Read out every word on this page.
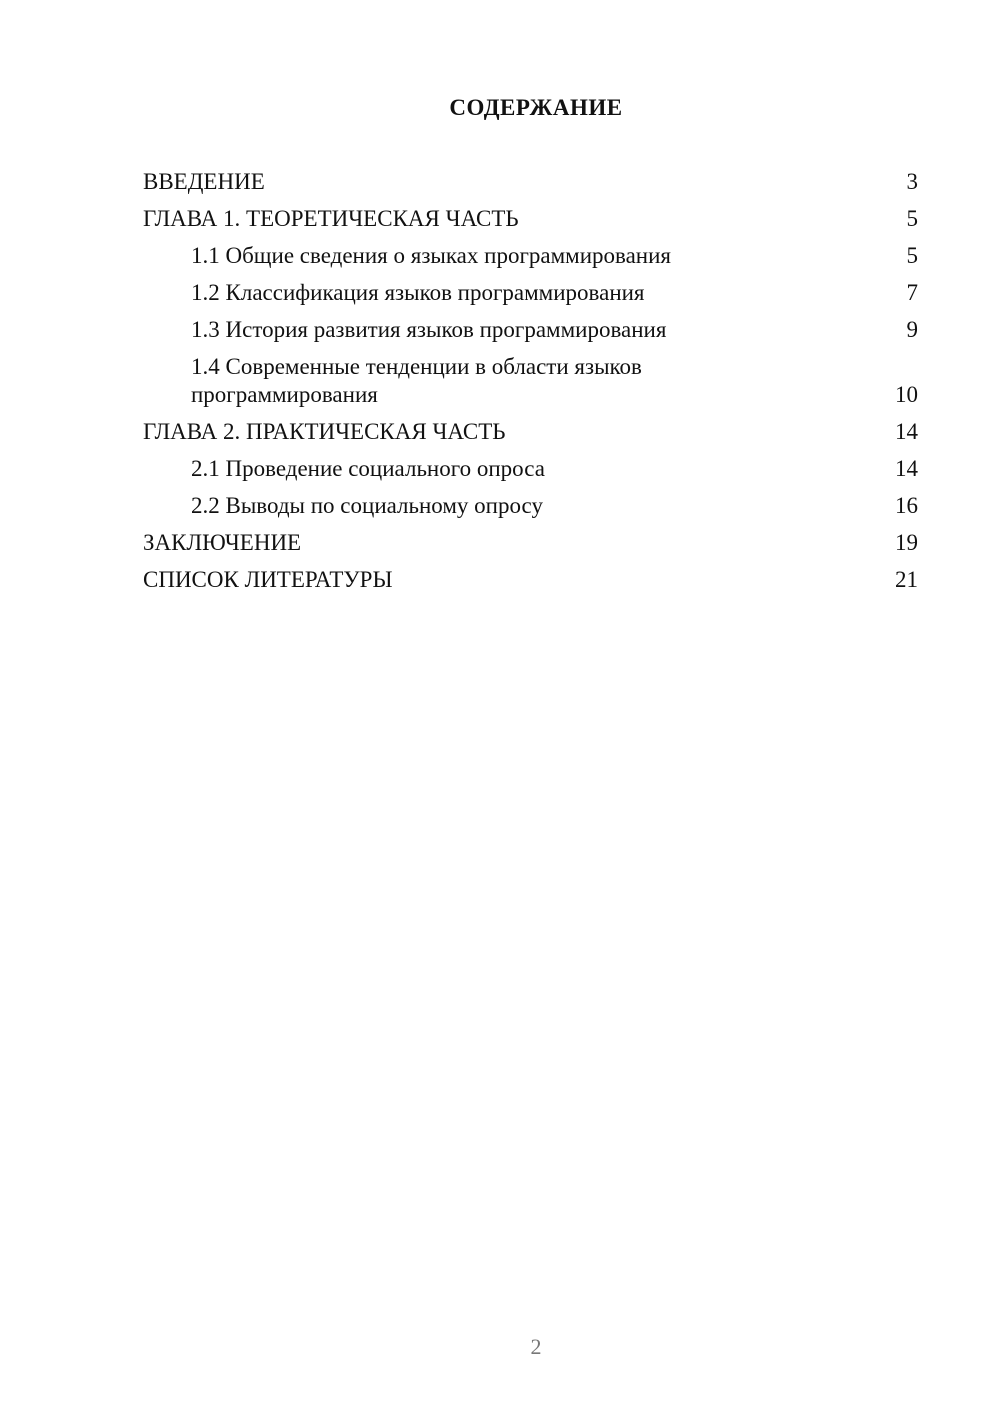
СОДЕРЖАНИЕ
ВВЕДЕНИЕ	3
ГЛАВА 1. ТЕОРЕТИЧЕСКАЯ ЧАСТЬ	5
1.1 Общие сведения о языках программирования	5
1.2 Классификация языков программирования	7
1.3 История развития языков программирования	9
1.4 Современные тенденции в области языков программирования	10
ГЛАВА 2. ПРАКТИЧЕСКАЯ ЧАСТЬ	14
2.1 Проведение социального опроса	14
2.2 Выводы по социальному опросу	16
ЗАКЛЮЧЕНИЕ	19
СПИСОК ЛИТЕРАТУРЫ	21
2
